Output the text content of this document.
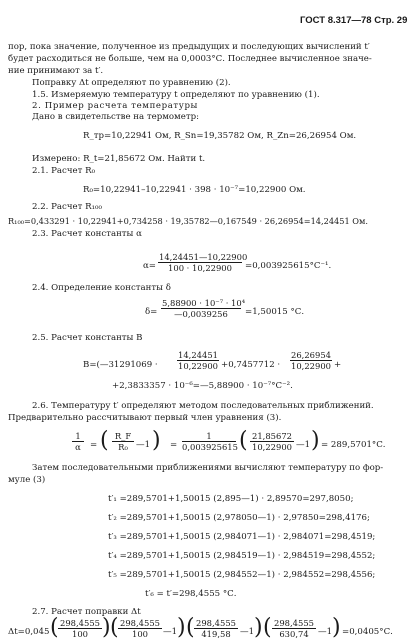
ГОСТ 8.317—78 Стр. 29
пор, пока значение, полученное из предыдущих и последующих вычислений t′
будет расходиться не больше, чем на 0,0003°С. Последнее вычисленное значе-
ние принимают за t′.
Поправку Δt определяют по уравнению (2).
1.5. Измеряемую температуру t определяют по уравнению (1).
2. Пример расчета температуры
Дано в свидетельстве на термометр:
R_тр=10,22941 Ом, R_Sn=19,35782 Ом, R_Zn=26,26954 Ом.
Измерено: R_t=21,85672 Ом. Найти t.
2.1. Расчет R₀
R₀=10,22941–10,22941 · 398 · 10⁻⁷=10,22900 Ом.
2.2. Расчет R₁₀₀
R₁₀₀=0,433291 · 10,22941+0,734258 · 19,35782—0,167549 · 26,26954=14,24451 Ом.
2.3. Расчет константы α
$\alpha= \frac{14,24451—10,22900}{100 \cdot 10,22900} =0,003925615^\circ С^{-1}$.
2.4. Определение константы δ
$\delta= \frac{\text{5,88900 · 10⁻⁷ · 10⁴}}{—0,0039256} =1,50015$ °С.
2.5. Расчет константы B
B=(—31291069 · $\frac{14,24451}{10,22900} +0,7457712 \cdot \frac{26,26954}{10,22900}$ +
+2,3833357 · 10⁻⁶=—5,88900 · 10⁻⁷°С⁻².
2.6. Температуру t′ определяют методом последовательных приближений.
Предварительно рассчитывают первый член уравнения (3).
$\frac{1}{\alpha}$ = ( $\frac{R\_F}{\text{R₀}}$ —1 ) = $\frac{1}{0,003925615}$ ( $\frac{21,85672}{10,22900}$ —1 ) = 289,5701°С.
Затем последовательными приближениями вычисляют температуру по фор-
муле (3)
t′₁ =289,5701+1,50015 (2,895—1) · 2,89570=297,8050;
t′₂ =289,5701+1,50015 (2,978050—1) · 2,97850=298,4176;
t′₃ =289,5701+1,50015 (2,984071—1) · 2,984071=298,4519;
t′₄ =289,5701+1,50015 (2,984519—1) · 2,984519=298,4552;
t′₅ =289,5701+1,50015 (2,984552—1) · 2,984552=298,4556;
t′₆ = t′=298,4555 °С.
2.7. Расчет поправки Δt
Δt=0,045 ( $\frac{298,4555}{100}$ ) ( $\frac{298,4555}{100}$ —1 ) ( $\frac{298,4555}{419,58}$ —1 ) ( $\frac{298,4555}{630,74}$ —1 ) =0,0405°С.
